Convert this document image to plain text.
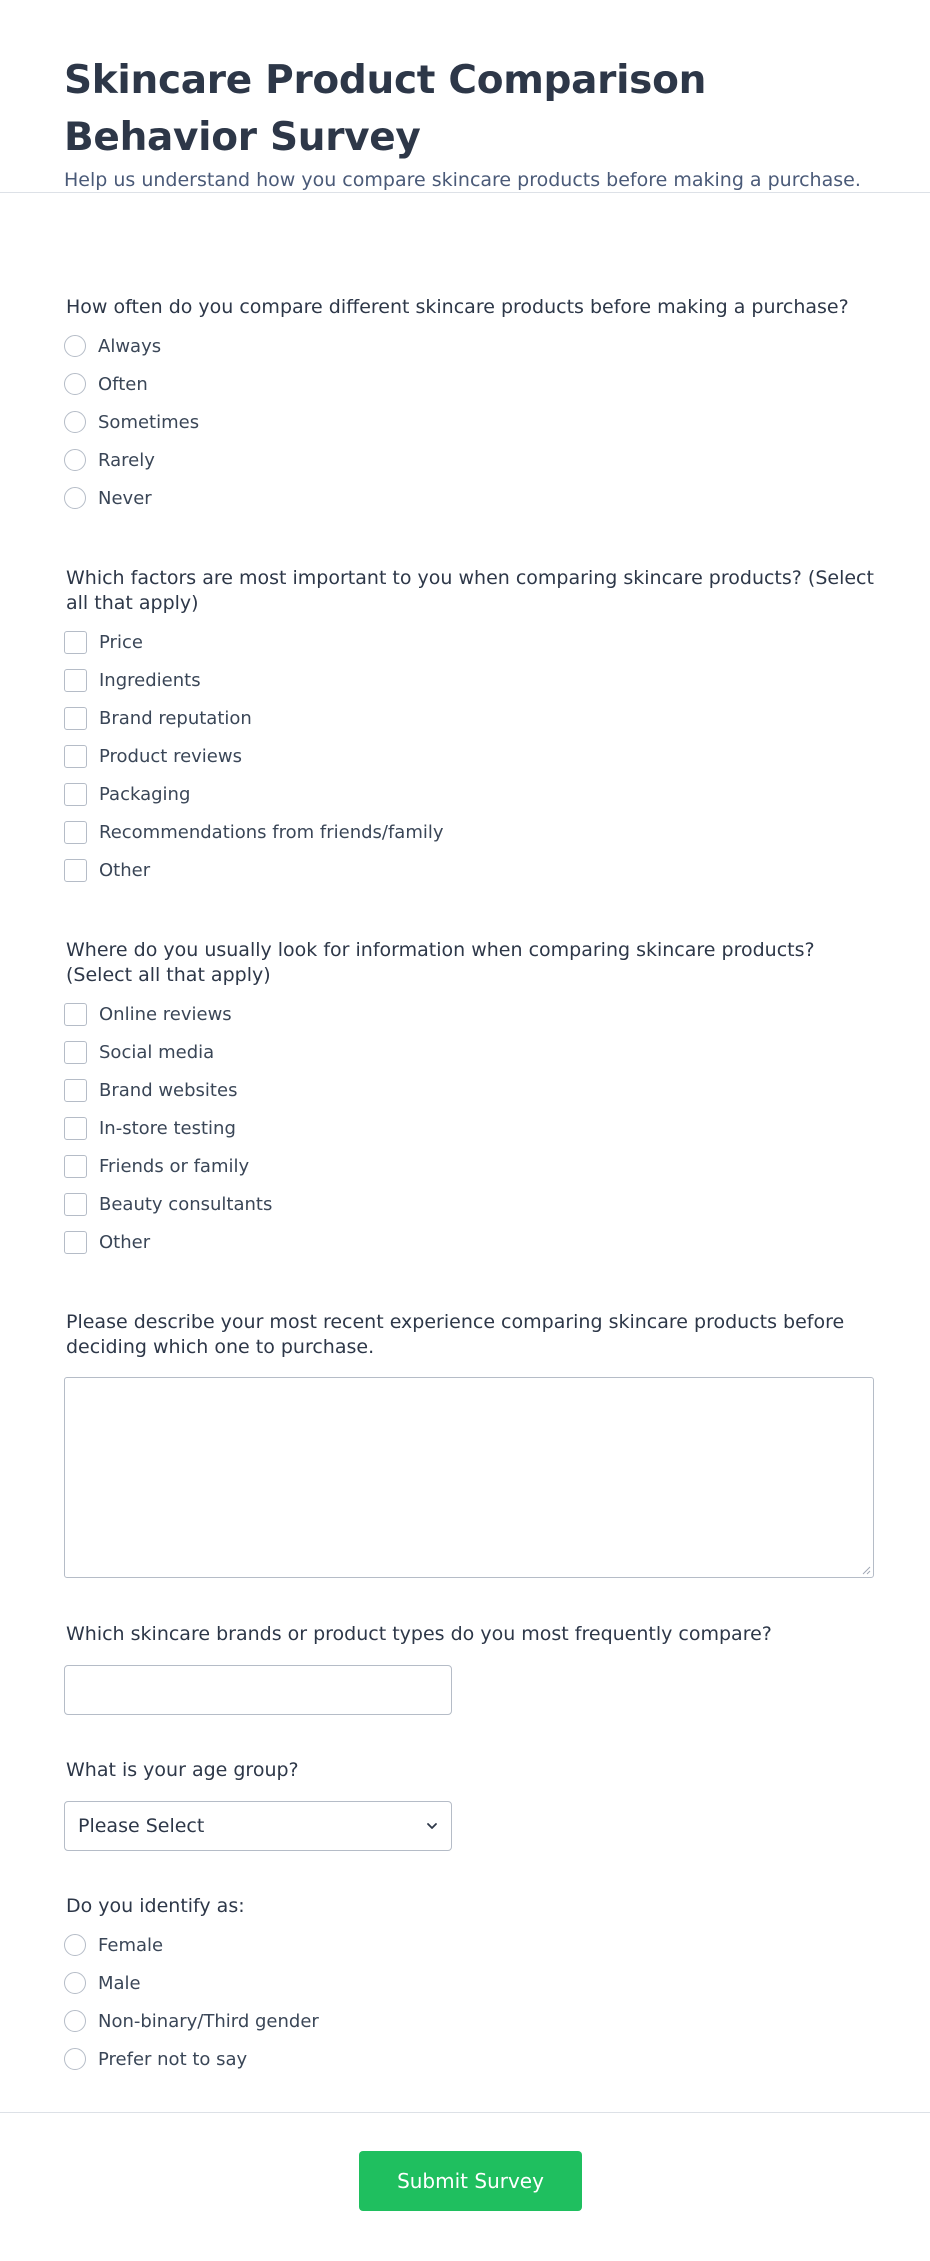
Skincare Product Comparison Behavior Survey
Help us understand how you compare skincare products before making a purchase.
How often do you compare different skincare products before making a purchase?
Always
Often
Sometimes
Rarely
Never
Which factors are most important to you when comparing skincare products? (Select all that apply)
Price
Ingredients
Brand reputation
Product reviews
Packaging
Recommendations from friends/family
Other
Where do you usually look for information when comparing skincare products? (Select all that apply)
Online reviews
Social media
Brand websites
In-store testing
Friends or family
Beauty consultants
Other
Please describe your most recent experience comparing skincare products before deciding which one to purchase.
Which skincare brands or product types do you most frequently compare?
What is your age group?
Please Select
Do you identify as:
Female
Male
Non-binary/Third gender
Prefer not to say
Submit Survey
